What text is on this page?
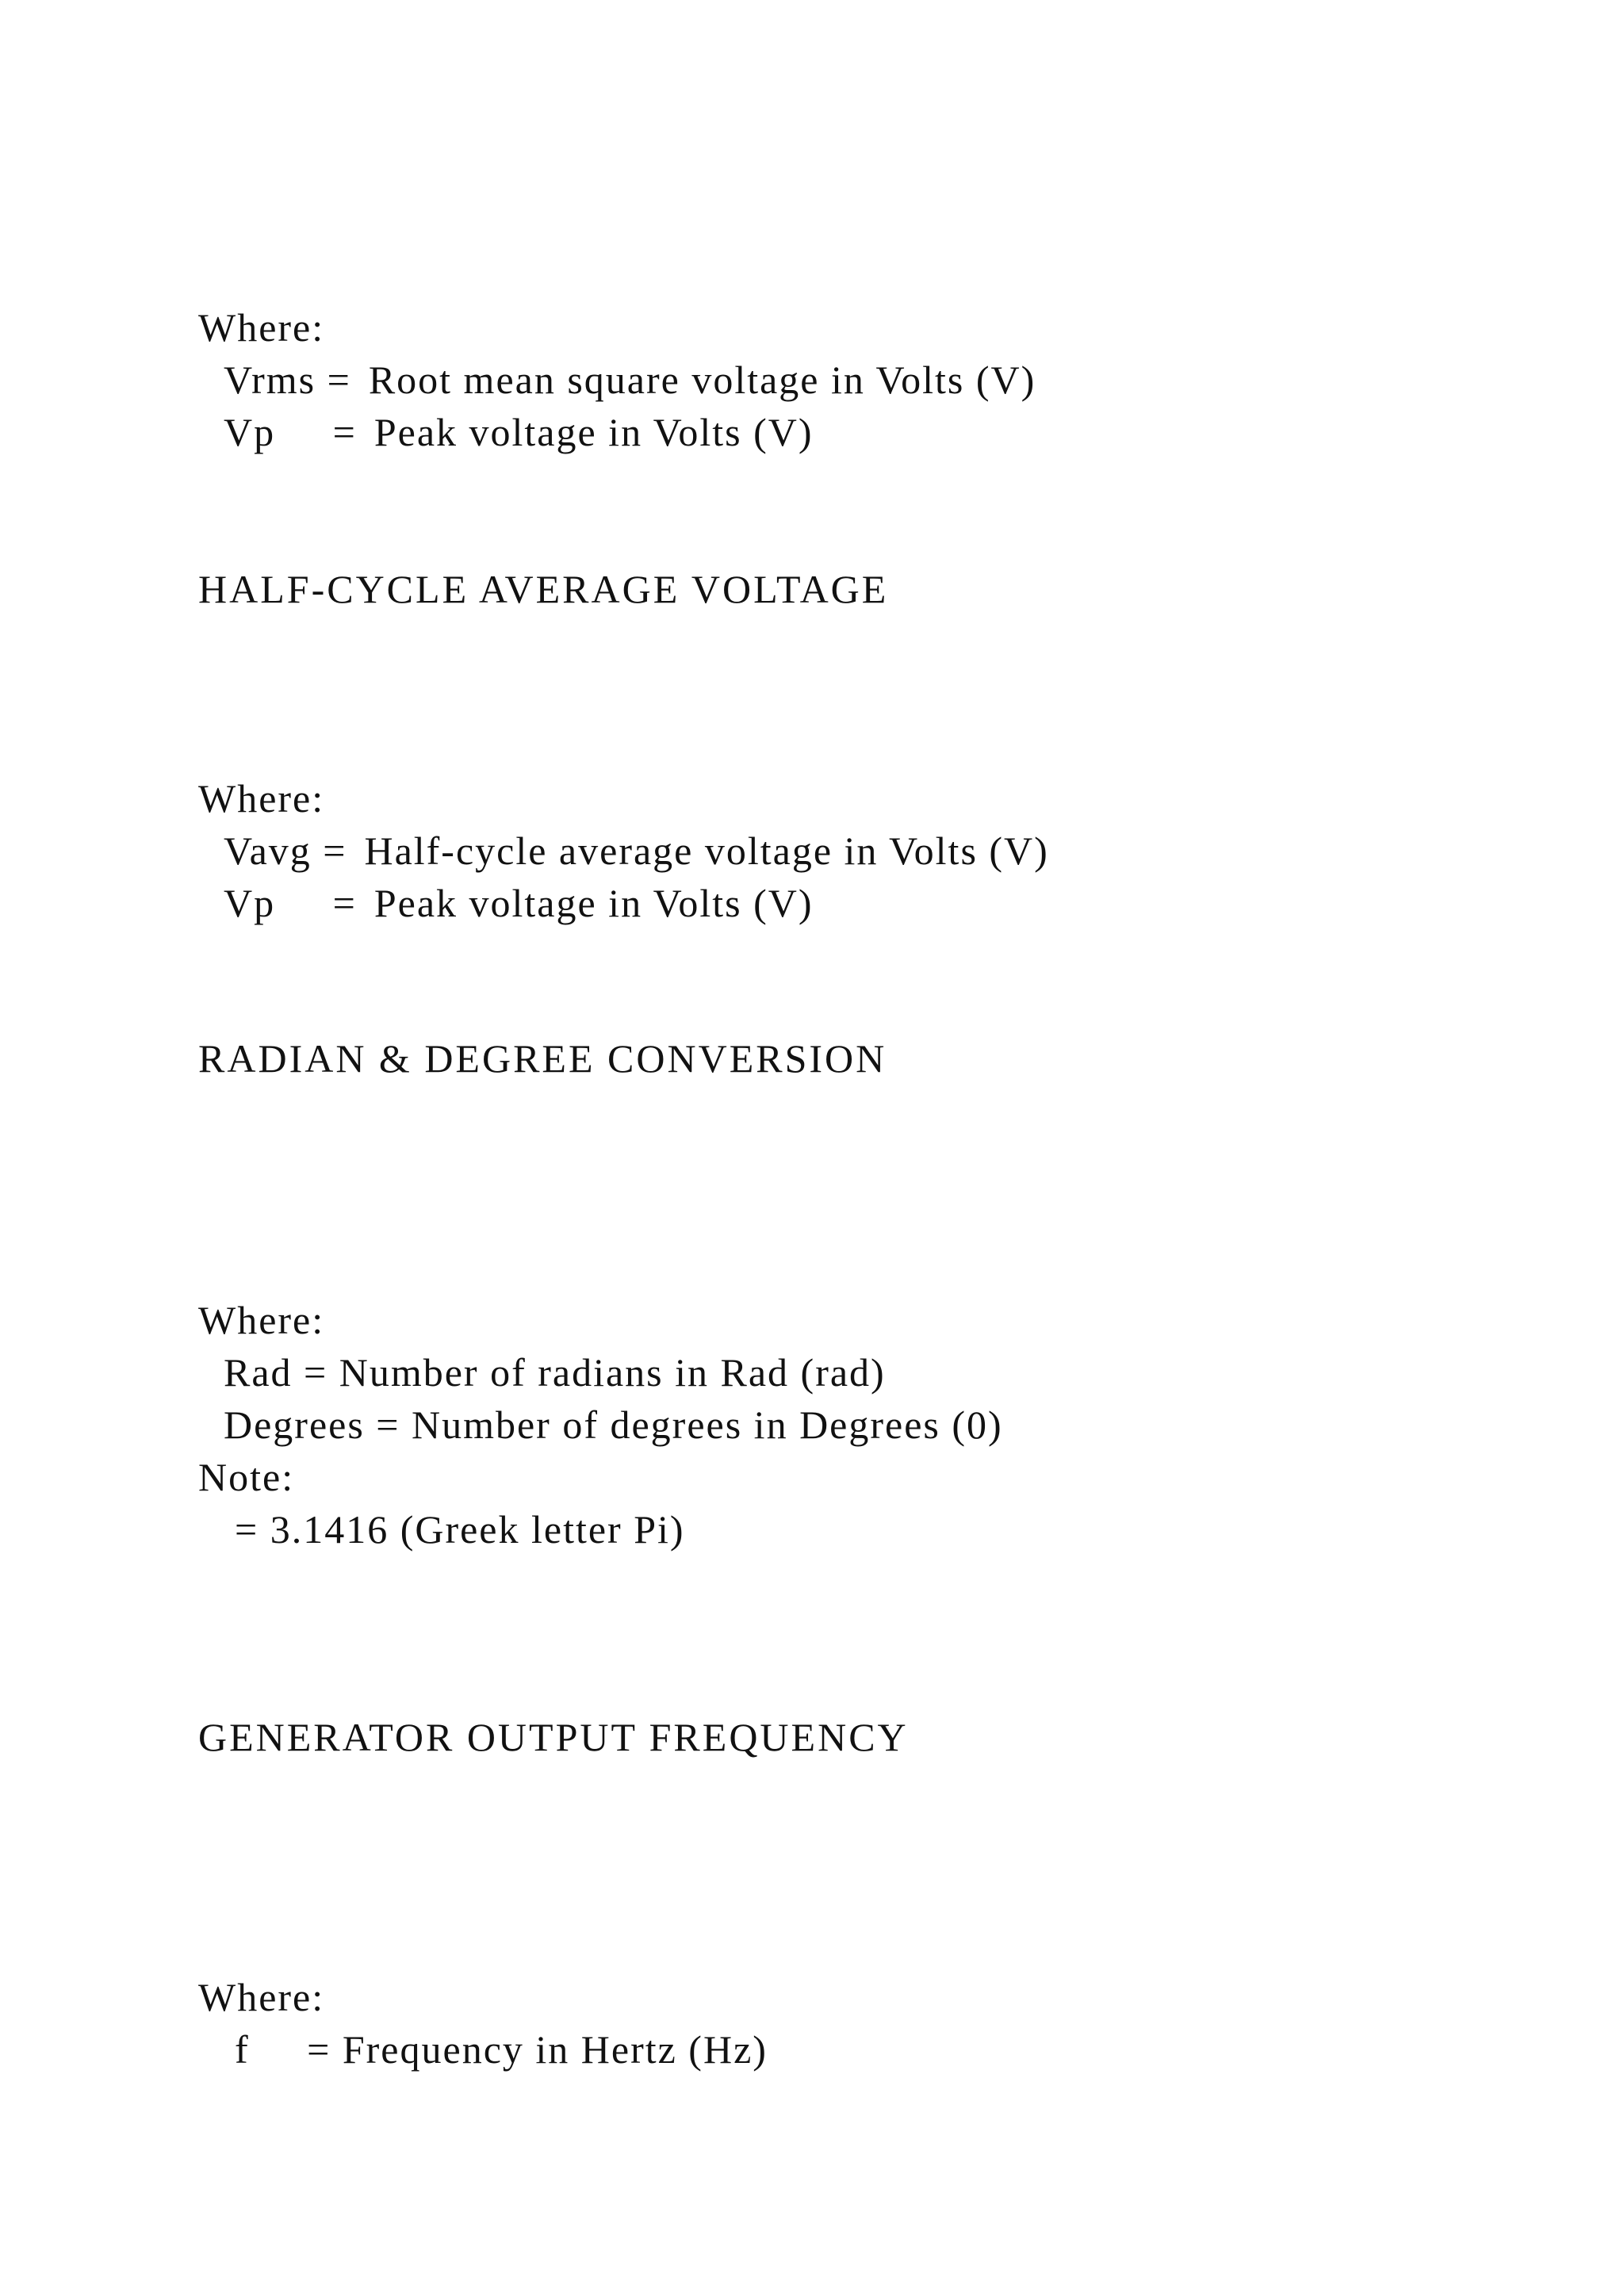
Where:
Vrms = Root mean square voltage in Volts (V)
Vp     = Peak voltage in Volts (V)
HALF-CYCLE AVERAGE VOLTAGE
Where:
Vavg = Half-cycle average voltage in Volts (V)
Vp     = Peak voltage in Volts (V)
RADIAN & DEGREE CONVERSION
Where:
Rad = Number of radians in Rad (rad)
Degrees = Number of degrees in Degrees (0)
Note:
= 3.1416 (Greek letter Pi)
GENERATOR OUTPUT FREQUENCY
Where:
f     = Frequency in Hertz (Hz)
